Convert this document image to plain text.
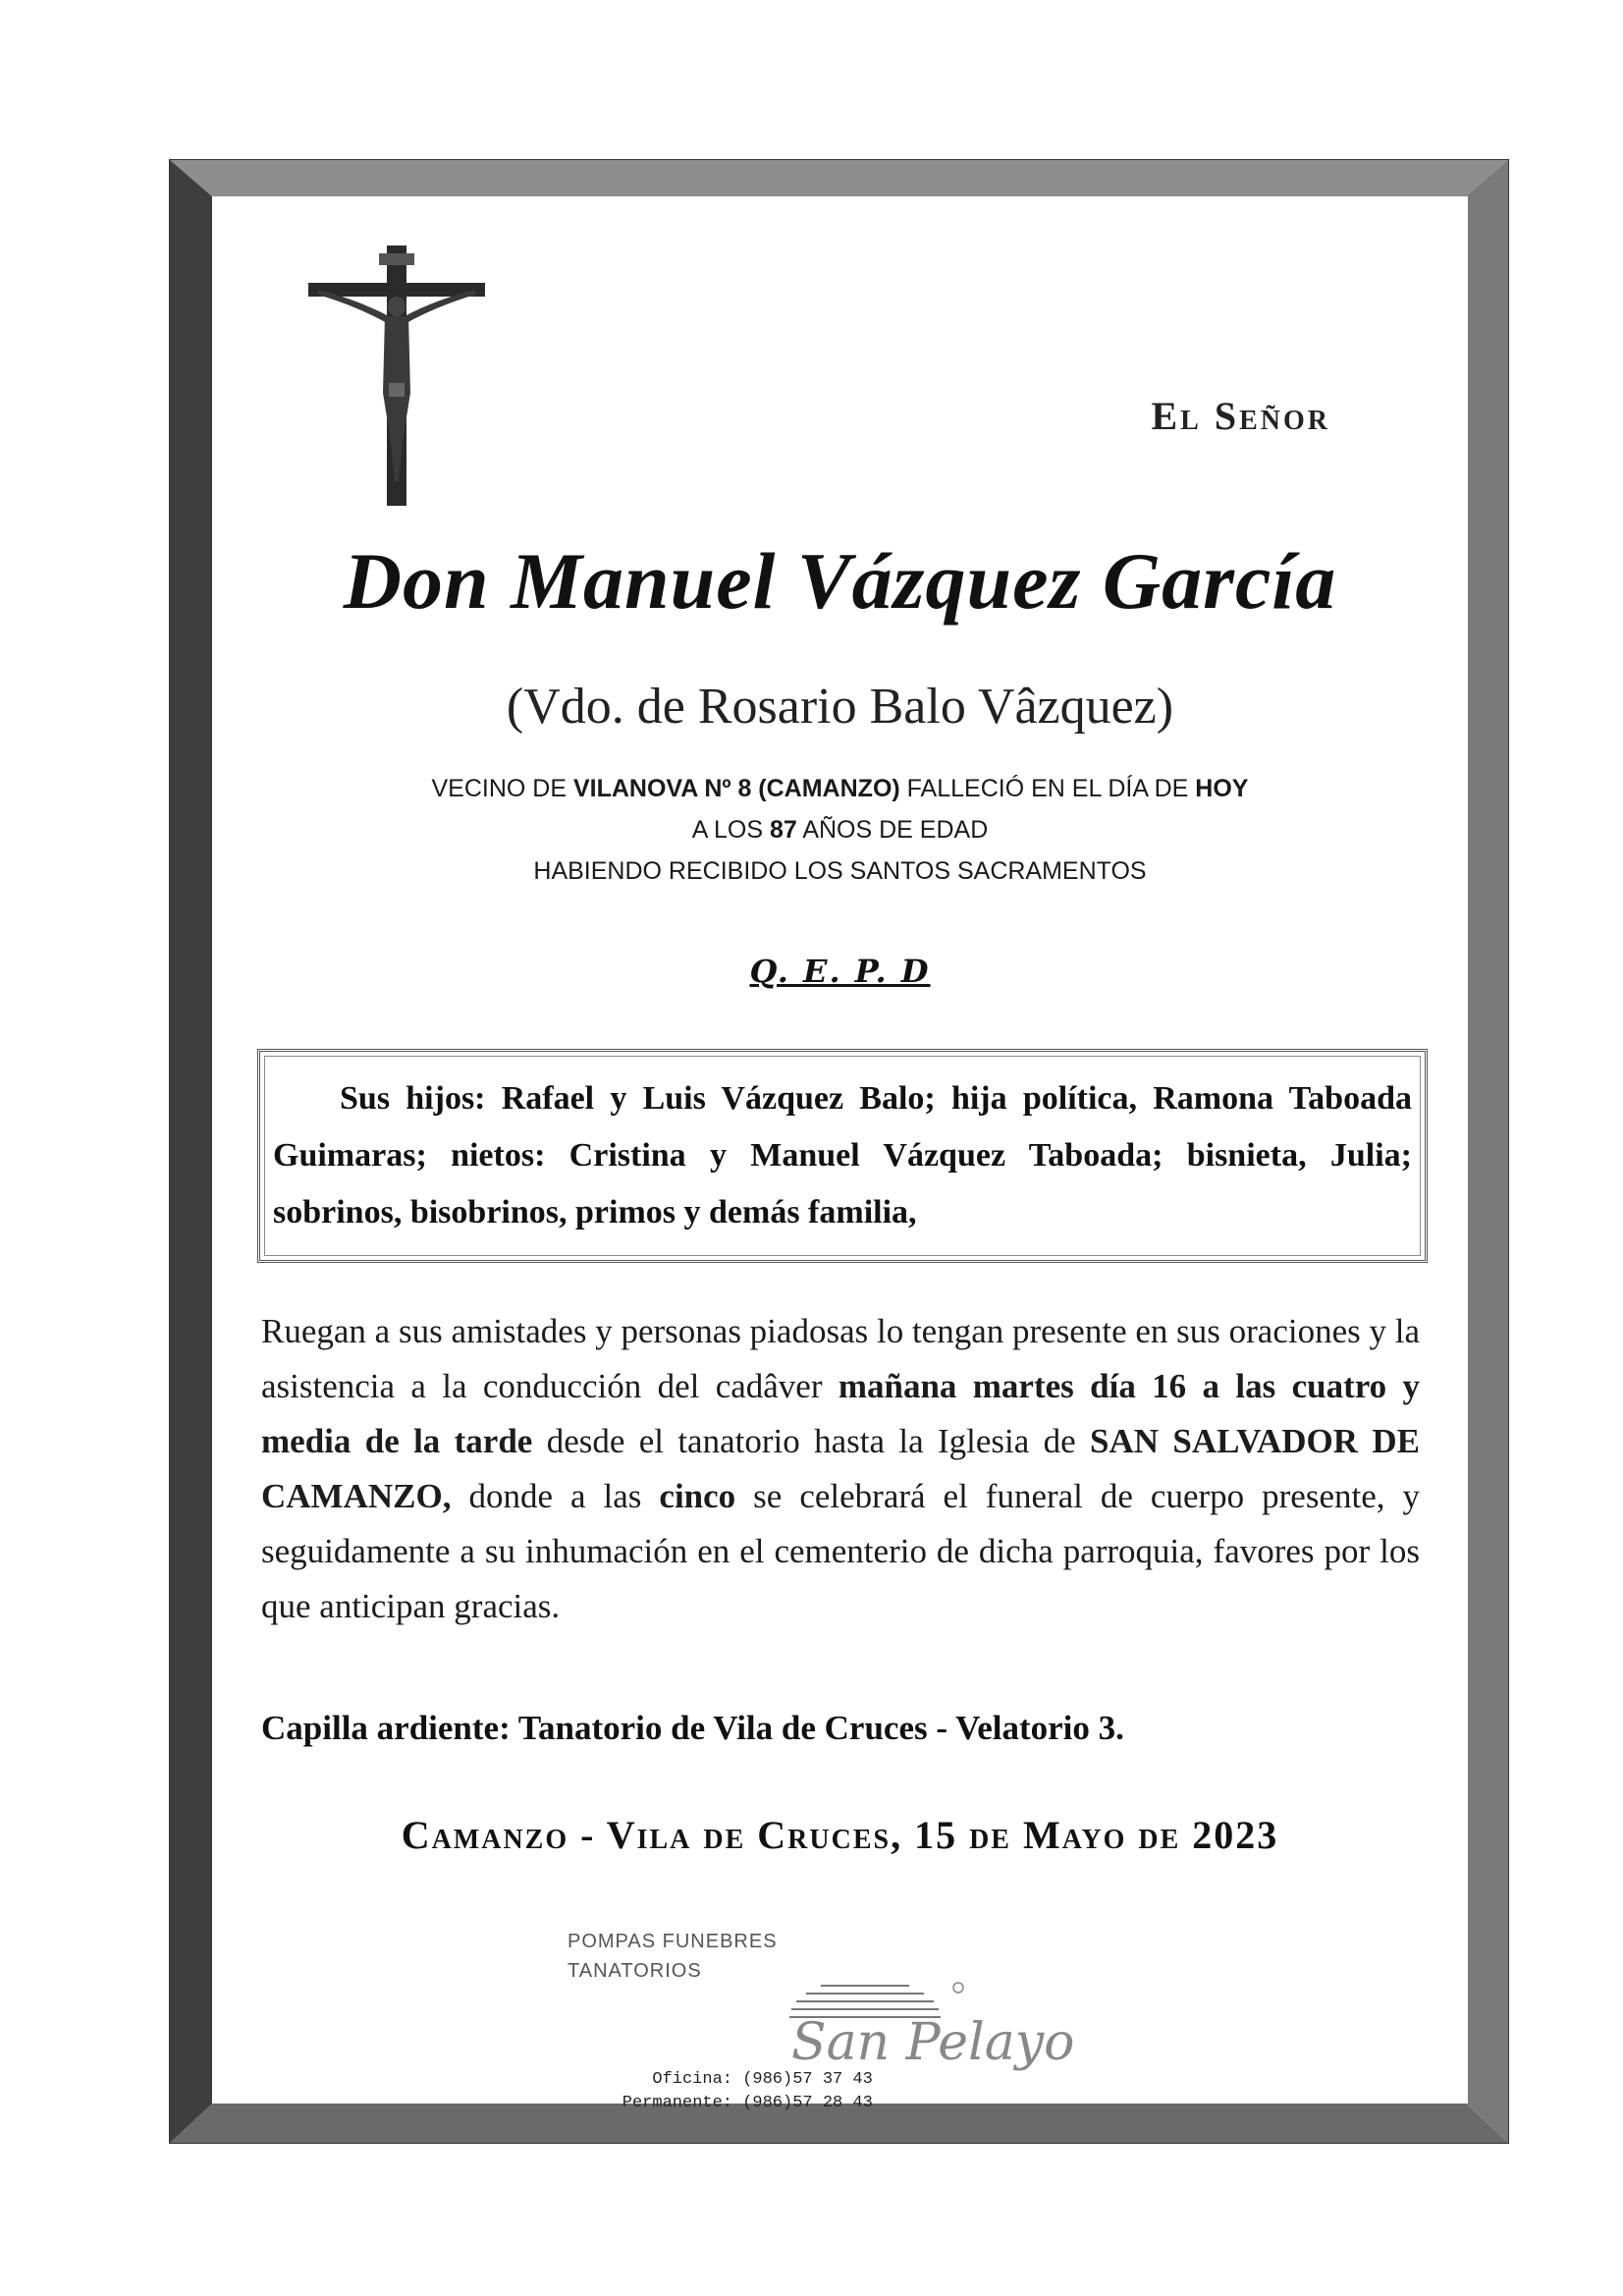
El Señor
Don Manuel Vázquez García
(Vdo. de Rosario Balo Vâzquez)
VECINO DE VILANOVA Nº 8 (CAMANZO) FALLECIÓ EN EL DÍA DE HOY
A LOS 87 AÑOS DE EDAD
HABIENDO RECIBIDO LOS SANTOS SACRAMENTOS
Q. E. P. D
Sus hijos: Rafael y Luis Vázquez Balo; hija política, Ramona Taboada Guimaras; nietos: Cristina y Manuel Vázquez Taboada; bisnieta, Julia; sobrinos, bisobrinos, primos y demás familia,
Ruegan a sus amistades y personas piadosas lo tengan presente en sus oraciones y la asistencia a la conducción del cadâver mañana martes día 16 a las cuatro y media de la tarde desde el tanatorio hasta la Iglesia de SAN SALVADOR DE CAMANZO, donde a las cinco se celebrará el funeral de cuerpo presente, y seguidamente a su inhumación en el cementerio de dicha parroquia, favores por los que anticipan gracias.
Capilla ardiente: Tanatorio de Vila de Cruces - Velatorio 3.
Camanzo - Vila de Cruces, 15 de Mayo de 2023
POMPAS FUNEBRES
TANATORIOS
San Pelayo
Oficina: (986)57 37 43
Permanente: (986)57 28 43
